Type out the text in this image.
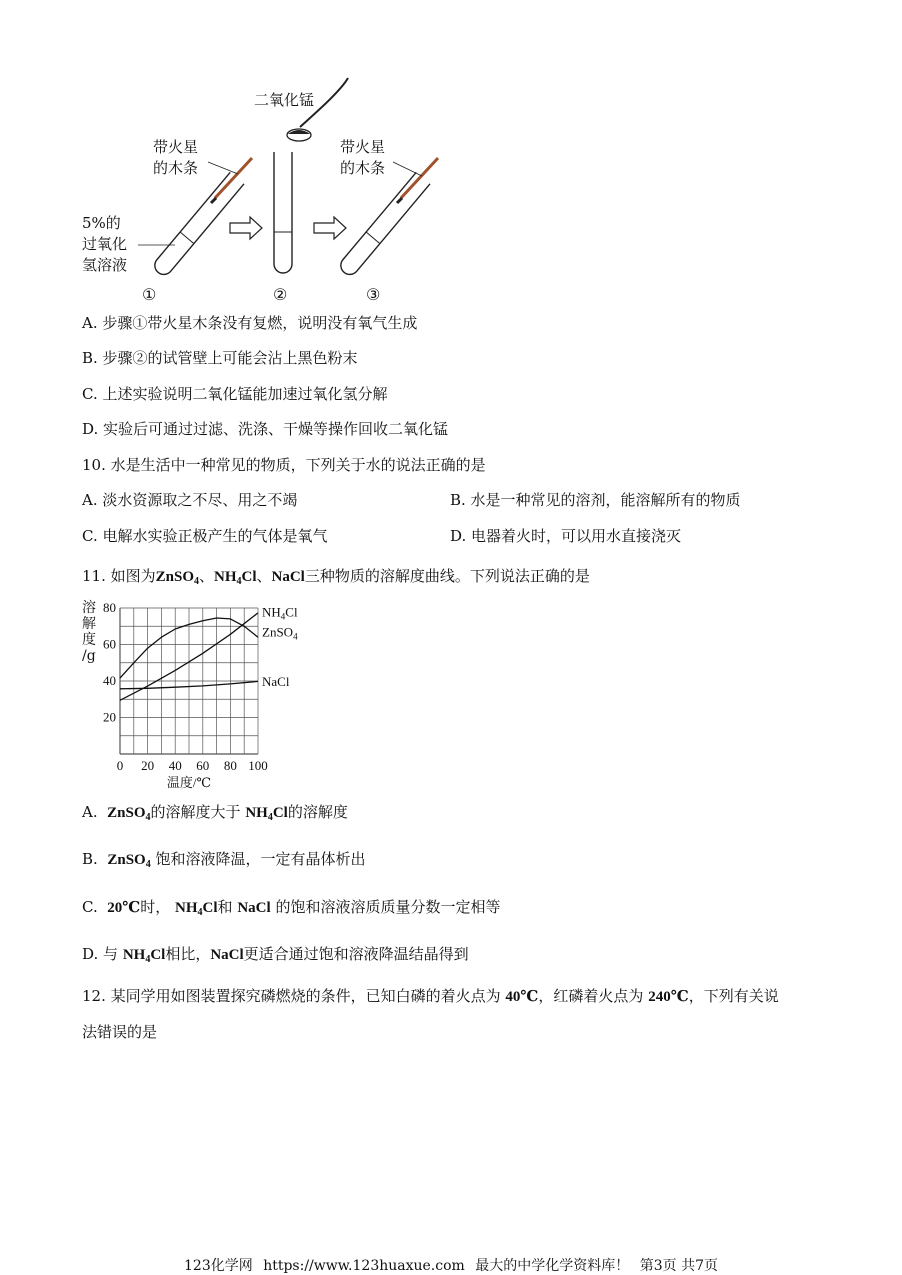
二氧化锰
带火星
的木条
带火星
的木条
5%的
过氧化
氢溶液
①	②	③
A. 步骤①带火星木条没有复燃，说明没有氧气生成
B. 步骤②的试管壁上可能会沾上黑色粉末
C. 上述实验说明二氧化锰能加速过氧化氢分解
D. 实验后可通过过滤、洗涤、干燥等操作回收二氧化锰
10. 水是生活中一种常见的物质，下列关于水的说法正确的是
A. 淡水资源取之不尽、用之不竭	B. 水是一种常见的溶剂，能溶解所有的物质
C. 电解水实验正极产生的气体是氧气	D. 电器着火时，可以用水直接浇灭
11. 如图为ZnSO$_4$、$NH_4Cl$、NaCl三种物质的溶解度曲线。下列说法正确的是
溶
解
度
/g
0 20 40 60 80 100
20
40
60
80
温度/℃
$NH_4Cl$
ZnSO$_4$
NaCl
A. ZnSO$_4$的溶解度大于 $NH_4Cl$的溶解度
B. ZnSO$_4$ 饱和溶液降温，一定有晶体析出
C. 20℃时， $NH_4Cl$和 NaCl 的饱和溶液溶质质量分数一定相等
D. 与 $NH_4Cl$相比，NaCl更适合通过饱和溶液降温结晶得到
12. 某同学用如图装置探究磷燃烧的条件，已知白磷的着火点为 40℃，红磷着火点为 240℃，下列有关说
法错误的是
123化学网 https://www.123huaxue.com 最大的中学化学资料库！ 第3页 共7页
